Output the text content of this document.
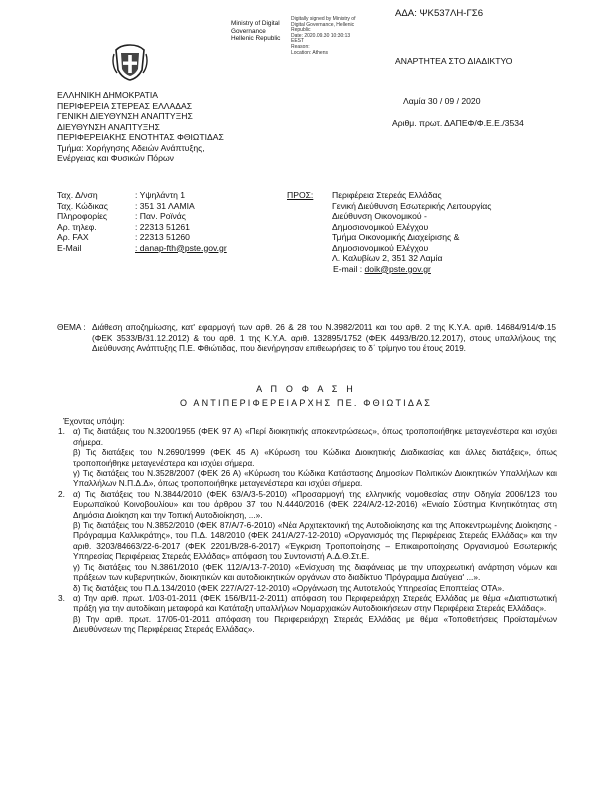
ΑΔΑ: ΨΚ537ΛΗ-ΓΣ6
Ministry of Digital
Governance
Hellenic Republic
Digitally signed by Ministry of
Digital Governance, Hellenic
Republic
Date: 2020.09.30 10:30:13
EEST
Reason:
Location: Athens
ΑΝΑΡΤΗΤΕΑ ΣΤΟ ΔΙΑΔΙΚΤΥΟ
ΕΛΛΗΝΙΚΗ ΔΗΜΟΚΡΑΤΙΑ
ΠΕΡΙΦΕΡΕΙΑ ΣΤΕΡΕΑΣ ΕΛΛΑΔΑΣ
ΓΕΝΙΚΗ ΔΙΕΥΘΥΝΣΗ ΑΝΑΠΤΥΞΗΣ
ΔΙΕΥΘΥΝΣΗ ΑΝΑΠΤΥΞΗΣ
ΠΕΡΙΦΕΡΕΙΑΚΗΣ ΕΝΟΤΗΤΑΣ ΦΘΙΩΤΙΔΑΣ
Τμήμα: Χορήγησης Αδειών Ανάπτυξης,
Ενέργειας και Φυσικών Πόρων
Λαμία 30 / 09 / 2020
Αριθμ. πρωτ. ΔΑΠΕΦ/Φ.Ε.Ε./3534
Ταχ. Δ/νση	: Υψηλάντη 1
Ταχ. Κώδικας	: 351 31 ΛΑΜΙΑ
Πληροφορίες	: Παν. Ροϊνάς
Αρ. τηλεφ.	: 22313 51261
Αρ. FAX	: 22313 51260
E-Mail	: danap-fth@pste.gov.gr
ΠΡΟΣ: Περιφέρεια Στερεάς Ελλάδας
Γενική Διεύθυνση Εσωτερικής Λειτουργίας
Διεύθυνση Οικονομικού -
Δημοσιονομικού Ελέγχου
Τμήμα Οικονομικής Διαχείρισης &
Δημοσιονομικού Ελέγχου
Λ. Καλυβίων 2, 351 32 Λαμία
E-mail : doik@pste.gov.gr
ΘΕΜΑ : Διάθεση αποζημίωσης, κατ' εφαρμογή των αρθ. 26 & 28 του Ν.3982/2011 και του αρθ. 2 της Κ.Υ.Α. αριθ. 14684/914/Φ.15 (ΦΕΚ 3533/Β/31.12.2012) & του αρθ. 1 της Κ.Υ.Α. αριθ. 132895/1752 (ΦΕΚ 4493/Β/20.12.2017), στους υπαλλήλους της Διεύθυνσης Ανάπτυξης Π.Ε. Φθιώτιδας, που διενήργησαν επιθεωρήσεις το δ΄ τρίμηνο του έτους 2019.
Α Π Ο Φ Α Σ Η
Ο ΑΝΤΙΠΕΡΙΦΕΡΕΙΑΡΧΗΣ ΠΕ. ΦΘΙΩΤΙΔΑΣ

Έχοντας υπόψη:

1. α) Τις διατάξεις του Ν.3200/1955 (ΦΕΚ 97 Α) «Περί διοικητικής αποκεντρώσεως», όπως τροποποιήθηκε μεταγενέστερα και ισχύει σήμερα.

β) Τις διατάξεις του Ν.2690/1999 (ΦΕΚ 45 Α) «Κύρωση του Κώδικα Διοικητικής Διαδικασίας και άλλες διατάξεις», όπως τροποποιήθηκε μεταγενέστερα και ισχύει σήμερα.

γ) Τις διατάξεις του Ν.3528/2007 (ΦΕΚ 26 Α) «Κύρωση του Κώδικα Κατάστασης Δημοσίων Πολιτικών Διοικητικών Υπαλλήλων και Υπαλλήλων Ν.Π.Δ.Δ», όπως τροποποιήθηκε μεταγενέστερα και ισχύει σήμερα.

2. α) Τις διατάξεις του Ν.3844/2010 (ΦΕΚ 63/Α/3-5-2010) «Προσαρμογή της ελληνικής νομοθεσίας στην Οδηγία 2006/123 του Ευρωπαϊκού Κοινοβουλίου» και του άρθρου 37 του Ν.4440/2016 (ΦΕΚ 224/Α/2-12-2016) «Ενιαίο Σύστημα Κινητικότητας στη Δημόσια Διοίκηση και την Τοπική Αυτοδιοίκηση, ...».

β) Τις διατάξεις του Ν.3852/2010 (ΦΕΚ 87/Α/7-6-2010) «Νέα Αρχιτεκτονική της Αυτοδιοίκησης και της Αποκεντρωμένης Διοίκησης - Πρόγραμμα Καλλικράτης», του Π.Δ. 148/2010 (ΦΕΚ 241/Α/27-12-2010) «Οργανισμός της Περιφέρειας Στερεάς Ελλάδας» και την αριθ. 3203/84663/22-6-2017 (ΦΕΚ 2201/Β/28-6-2017) «Έγκριση Τροποποίησης – Επικαιροποίησης Οργανισμού Εσωτερικής Υπηρεσίας Περιφέρειας Στερεάς Ελλάδας» απόφαση του Συντονιστή Α.Δ.Θ.Στ.Ε.

γ) Τις διατάξεις του Ν.3861/2010 (ΦΕΚ 112/Α/13-7-2010) «Ενίσχυση της διαφάνειας με την υποχρεωτική ανάρτηση νόμων και πράξεων των κυβερνητικών, διοικητικών και αυτοδιοικητικών οργάνων στο διαδίκτυο 'Πρόγραμμα Διαύγεια' ...».

δ) Τις διατάξεις του Π.Δ.134/2010 (ΦΕΚ 227/Α/27-12-2010) «Οργάνωση της Αυτοτελούς Υπηρεσίας Εποπτείας ΟΤΑ».

3. α) Την αριθ. πρωτ. 1/03-01-2011 (ΦΕΚ 156/Β/11-2-2011) απόφαση του Περιφερειάρχη Στερεάς Ελλάδας με θέμα «Διαπιστωτική πράξη για την αυτοδίκαιη μεταφορά και Κατάταξη υπαλλήλων Νομαρχιακών Αυτοδιοικήσεων στην Περιφέρεια Στερεάς Ελλάδας».

β) Την αριθ. πρωτ. 17/05-01-2011 απόφαση του Περιφερειάρχη Στερεάς Ελλάδας με θέμα «Τοποθετήσεις Προϊσταμένων Διευθύνσεων της Περιφέρειας Στερεάς Ελλάδας».
